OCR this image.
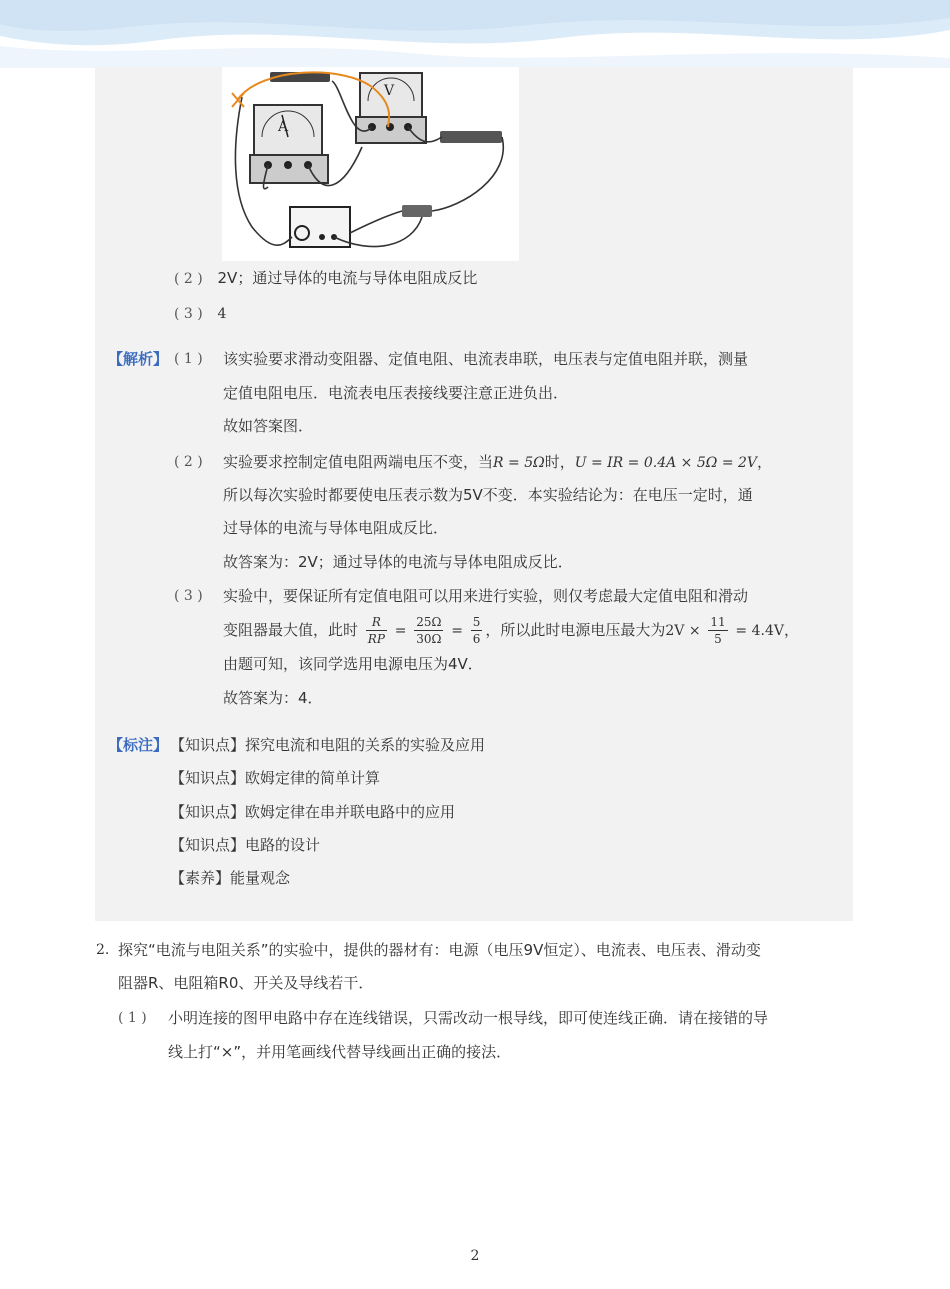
A
V
( 2 ) 2V；通过导体的电流与导体电阻成反比
( 3 ) 4
【解析】 ( 1 ) 该实验要求滑动变阻器、定值电阻、电流表串联，电压表与定值电阻并联，测量
定值电阻电压．电流表电压表接线要注意正进负出．
故如答案图．
( 2 ) 实验要求控制定值电阻两端电压不变，当R = 5Ω时，U = IR = 0.4A × 5Ω = 2V，
所以每次实验时都要使电压表示数为5V不变．本实验结论为：在电压一定时，通
过导体的电流与导体电阻成反比．
故答案为：2V；通过导体的电流与导体电阻成反比．
( 3 ) 实验中，要保证所有定值电阻可以用来进行实验，则仅考虑最大定值电阻和滑动
变阻器最大值，此时 $\frac{R}{RP} = \frac{25\Omega}{30\Omega} = \frac{5}{6}$ ，所以此时电源电压最大为$2V \times \frac{11}{5} = 4.4V$，
由题可知，该同学选用电源电压为4V．
故答案为：4．
【标注】 【知识点】探究电流和电阻的关系的实验及应用
【知识点】欧姆定律的简单计算
【知识点】欧姆定律在串并联电路中的应用
【知识点】电路的设计
【素养】能量观念
2. 探究“电流与电阻关系”的实验中，提供的器材有：电源（电压9V恒定）、电流表、电压表、滑动变
阻器R、电阻箱R0、开关及导线若干．
( 1 ) 小明连接的图甲电路中存在连线错误，只需改动一根导线，即可使连线正确．请在接错的导
线上打“×”，并用笔画线代替导线画出正确的接法．
2
